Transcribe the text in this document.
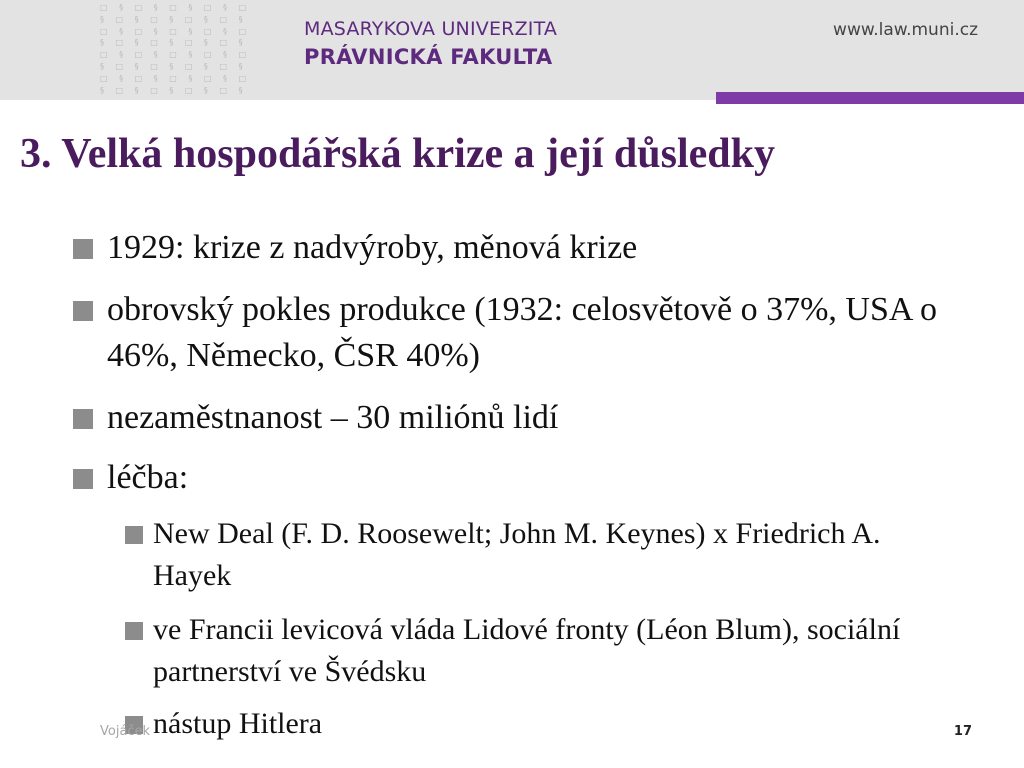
□ § □ § □ § □ § □
§ □ § □ § □ § □ §
□ § □ § □ § □ § □
§ □ § □ § □ § □ §
□ § □ § □ § □ § □
§ □ § □ § □ § □ §
□ § □ § □ § □ § □
§ □ § □ § □ § □ §
MASARYKOVA UNIVERZITA
PRÁVNICKÁ FAKULTA
www.law.muni.cz
3. Velká hospodářská krize a její důsledky
1929: krize z nadvýroby, měnová krize
obrovský pokles produkce (1932: celosvětově o 37%, USA o 46%, Německo, ČSR 40%)
nezaměstnanost – 30 miliónů lidí
léčba:
New Deal (F. D. Roosewelt; John M. Keynes) x Friedrich A. Hayek
ve Francii levicová vláda Lidové fronty (Léon Blum), sociální partnerství ve Švédsku
nástup Hitlera
Vojáček	17
